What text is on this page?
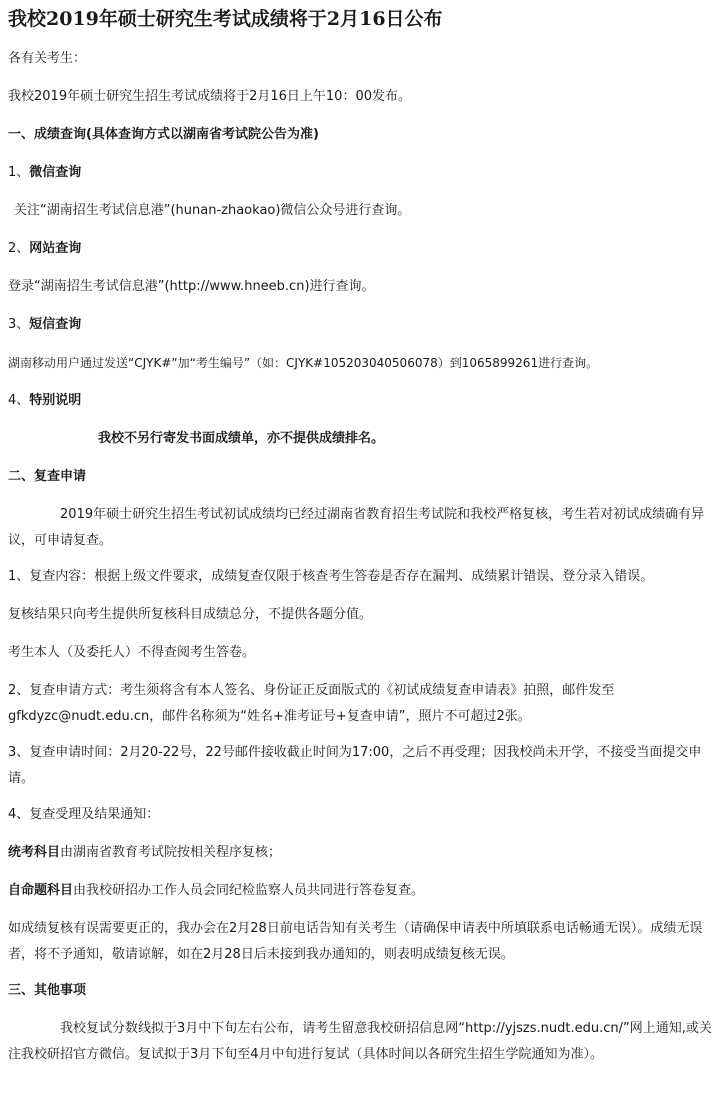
我校2019年硕士研究生考试成绩将于2月16日公布

各有关考生：

我校2019年硕士研究生招生考试成绩将于2月16日上午10：00发布。

一、成绩查询(具体查询方式以湖南省考试院公告为准)

1、微信查询

关注“湖南招生考试信息港”(hunan-zhaokao)微信公众号进行查询。

2、网站查询

登录“湖南招生考试信息港”(http://www.hneeb.cn)进行查询。

3、短信查询

湖南移动用户通过发送“CJYK#”加“考生编号”（如：CJYK#105203040506078）到1065899261进行查询。

4、特别说明

我校不另行寄发书面成绩单，亦不提供成绩排名。

二、复查申请

2019年硕士研究生招生考试初试成绩均已经过湖南省教育招生考试院和我校严格复核，考生若对初试成绩确有异议，可申请复查。

1、复查内容：根据上级文件要求，成绩复查仅限于核查考生答卷是否存在漏判、成绩累计错误、登分录入错误。

复核结果只向考生提供所复核科目成绩总分，不提供各题分值。

考生本人（及委托人）不得查阅考生答卷。

2、复查申请方式：考生须将含有本人签名、身份证正反面版式的《初试成绩复查申请表》拍照，邮件发至gfkdyzc@nudt.edu.cn，邮件名称须为“姓名+准考证号+复查申请”，照片不可超过2张。

3、复查申请时间：2月20-22号，22号邮件接收截止时间为17:00，之后不再受理；因我校尚未开学，不接受当面提交申请。

4、复查受理及结果通知：

统考科目由湖南省教育考试院按相关程序复核；

自命题科目由我校研招办工作人员会同纪检监察人员共同进行答卷复查。

如成绩复核有误需要更正的，我办会在2月28日前电话告知有关考生（请确保申请表中所填联系电话畅通无误）。成绩无误者，将不予通知，敬请谅解，如在2月28日后未接到我办通知的，则表明成绩复核无误。

三、其他事项

我校复试分数线拟于3月中下旬左右公布，请考生留意我校研招信息网“http://yjszs.nudt.edu.cn/”网上通知,或关注我校研招官方微信。复试拟于3月下旬至4月中旬进行复试（具体时间以各研究生招生学院通知为准）。
